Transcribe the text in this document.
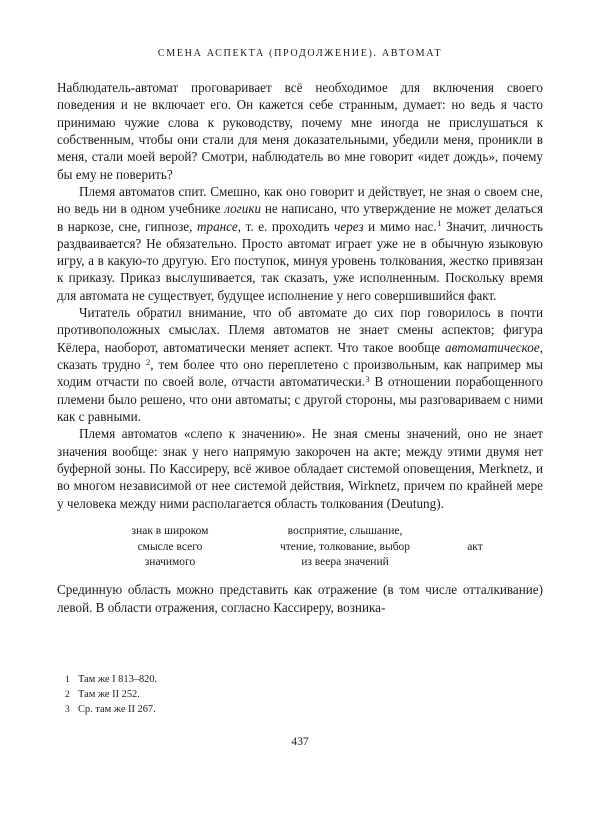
СМЕНА АСПЕКТА (ПРОДОЛЖЕНИЕ). АВТОМАТ

Наблюдатель-автомат проговаривает всё необходимое для включения своего поведения и не включает его. Он кажется себе странным, думает: но ведь я часто принимаю чужие слова к руководству, почему мне иногда не прислушаться к собственным, чтобы они стали для меня доказательными, убедили меня, проникли в меня, стали моей верой? Смотри, наблюдатель во мне говорит «идет дождь», почему бы ему не поверить?

Племя автоматов спит. Смешно, как оно говорит и действует, не зная о своем сне, но ведь ни в одном учебнике логики не написано, что утверждение не может делаться в наркозе, сне, гипнозе, трансе, т. е. проходить через и мимо нас.$^1$ Значит, личность раздваивается? Не обязательно. Просто автомат играет уже не в обычную языковую игру, а в какую-то другую. Его поступок, минуя уровень толкования, жестко привязан к приказу. Приказ выслушивается, так сказать, уже исполненным. Поскольку время для автомата не существует, будущее исполнение у него совершившийся факт.

Читатель обратил внимание, что об автомате до сих пор говорилось в почти противоположных смыслах. Племя автоматов не знает смены аспектов; фигура Кёлера, наоборот, автоматически меняет аспект. Что такое вообще автоматическое, сказать трудно $^2$, тем более что оно переплетено с произвольным, как например мы ходим отчасти по своей воле, отчасти автоматически.$^3$ В отношении порабощенного племени было решено, что они автоматы; с другой стороны, мы разговариваем с ними как с равными.

Племя автоматов «слепо к значению». Не зная смены значений, оно не знает значения вообще: знак у него напрямую закорочен на акте; между этими двумя нет буферной зоны. По Кассиреру, всё живое обладает системой оповещения, Merknetz, и во многом независимой от нее системой действия, Wirknetz, причем по крайней мере у человека между ними располагается область толкования (Deutung).

знак в широком
смысле всего
значимого
восприятие, слышание,
чтение, толкование, выбор
из веера значений
акт

Срединную область можно представить как отражение (в том числе отталкивание) левой. В области отражения, согласно Кассиреру, возника-

1 Там же I 813–820.
2 Там же II 252.
3 Ср. там же II 267.
437
